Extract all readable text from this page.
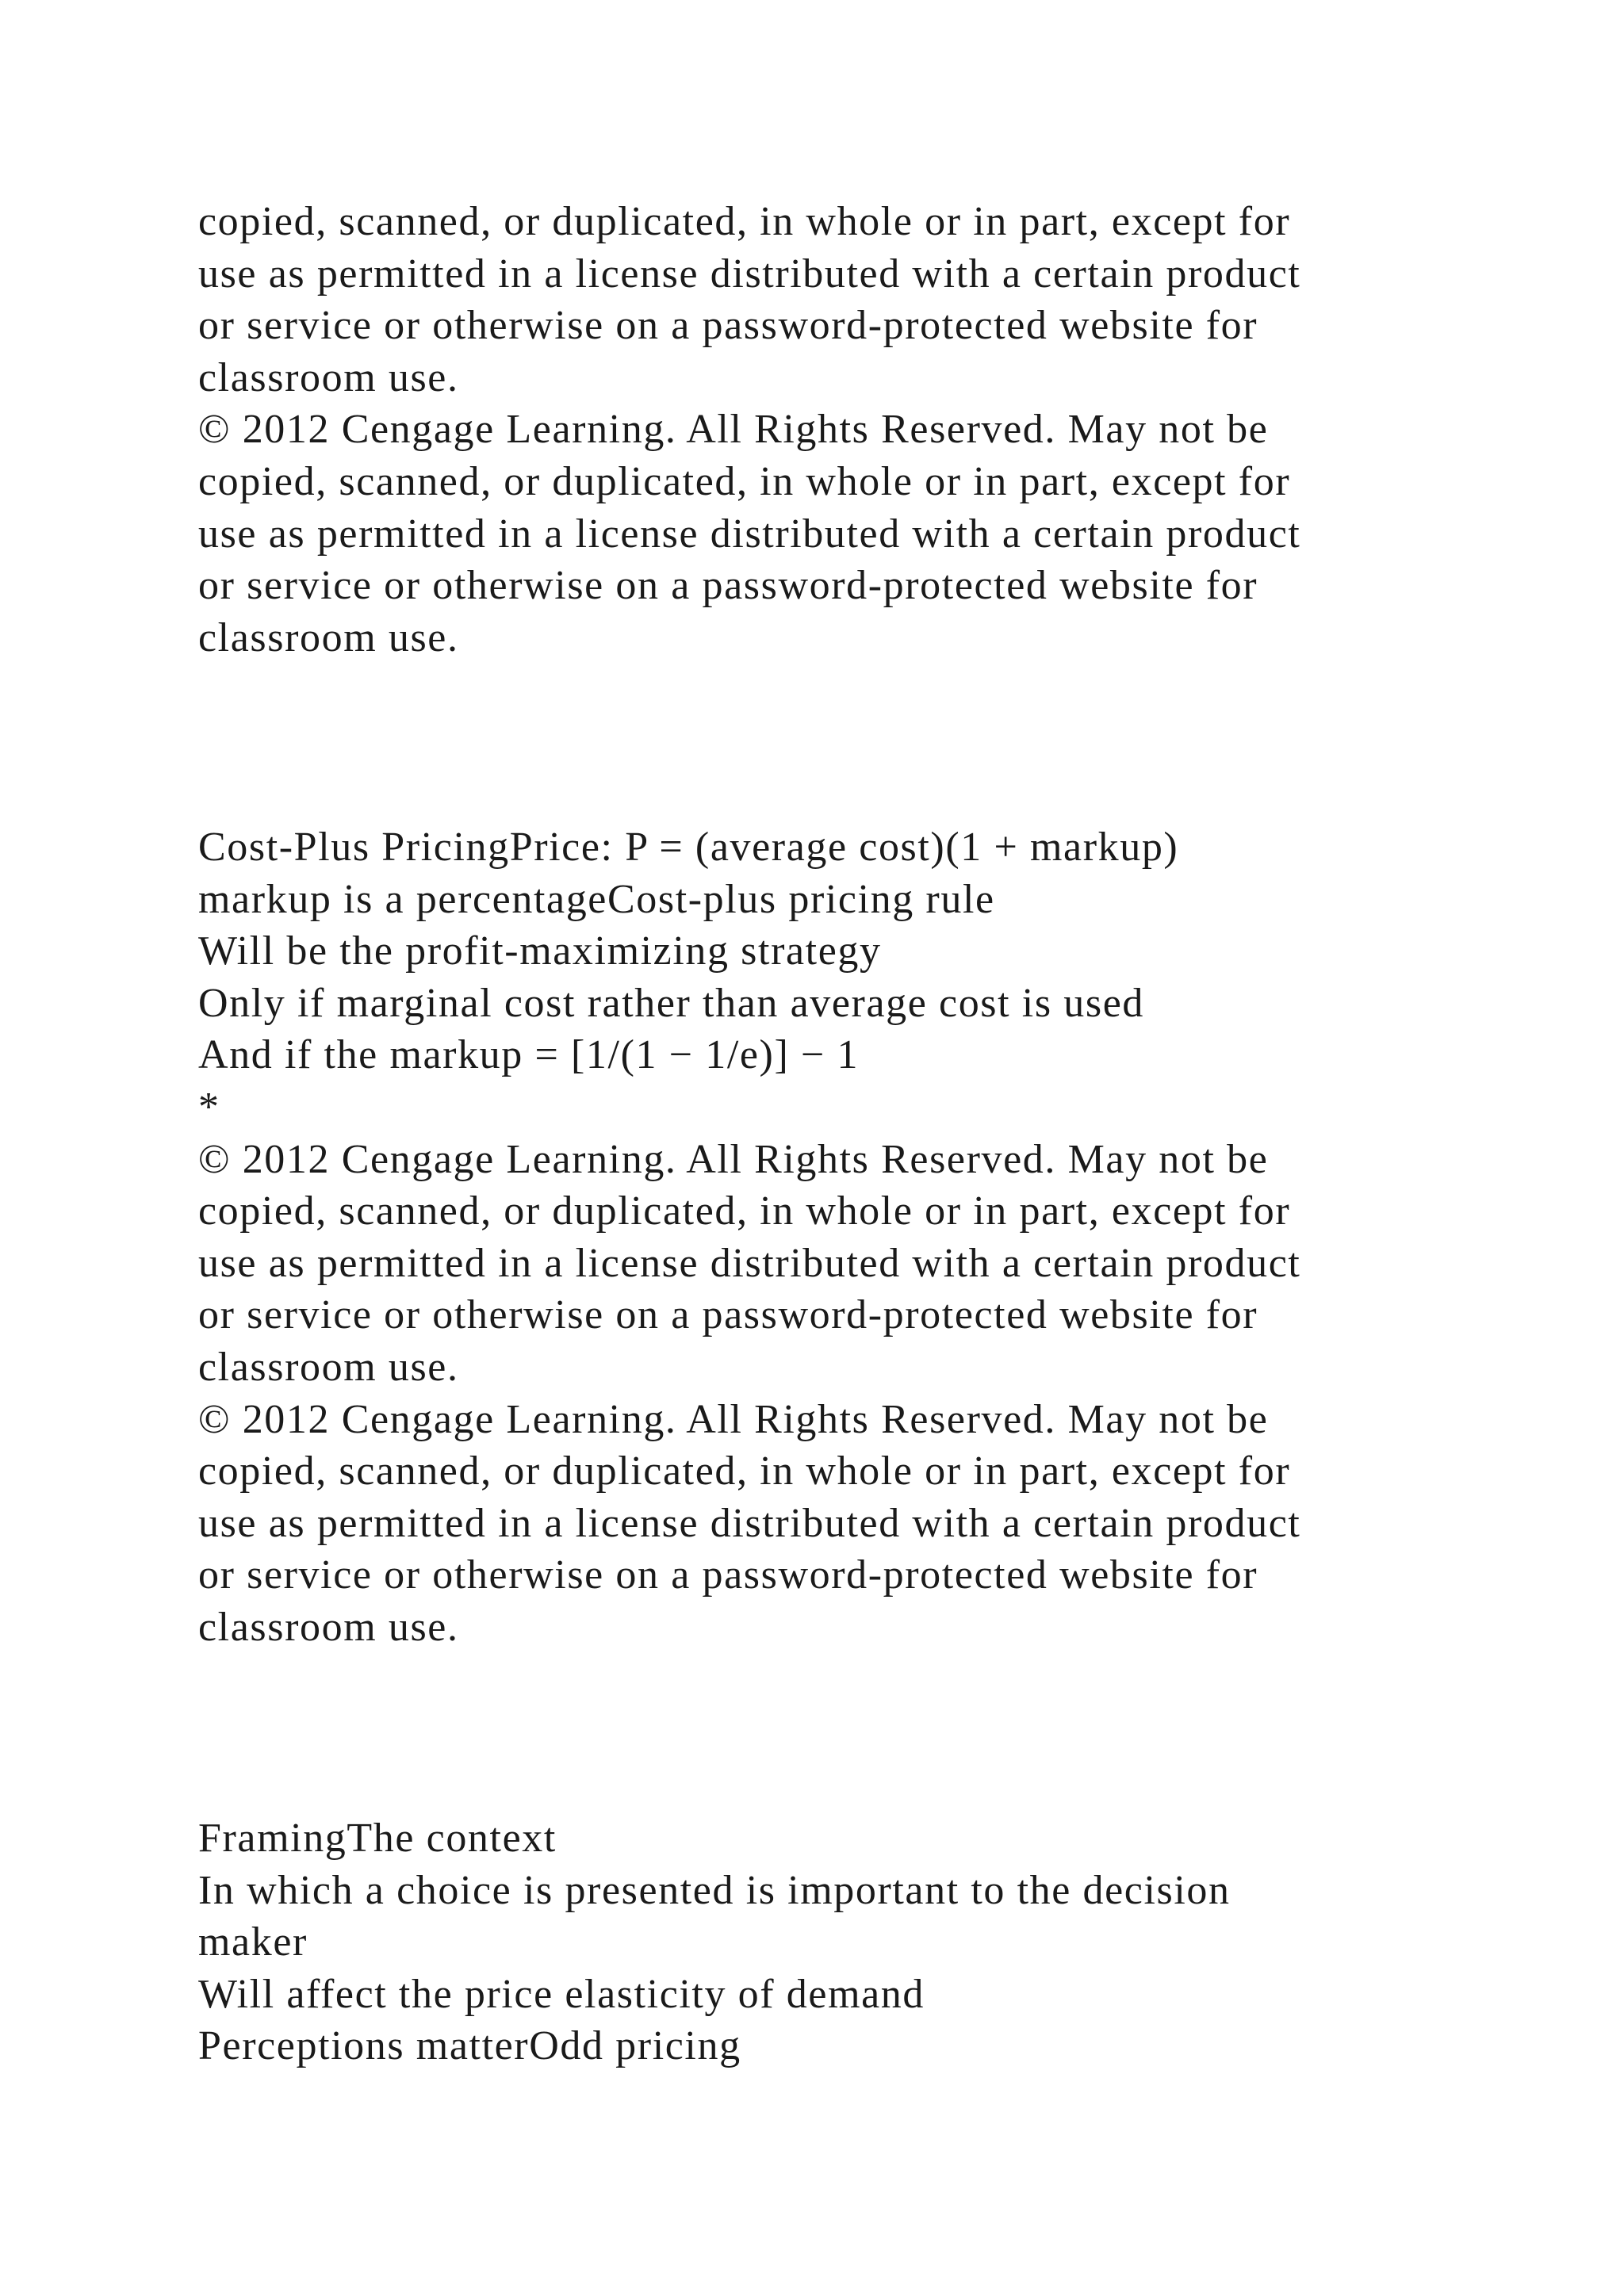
copied, scanned, or duplicated, in whole or in part, except for
use as permitted in a license distributed with a certain product
or service or otherwise on a password-protected website for
classroom use.
© 2012 Cengage Learning. All Rights Reserved. May not be
copied, scanned, or duplicated, in whole or in part, except for
use as permitted in a license distributed with a certain product
or service or otherwise on a password-protected website for
classroom use.
Cost-Plus PricingPrice: P = (average cost)(1 + markup)
markup is a percentageCost-plus pricing rule
Will be the profit-maximizing strategy
Only if marginal cost rather than average cost is used
And if the markup = [1/(1 − 1/e)] − 1
*
© 2012 Cengage Learning. All Rights Reserved. May not be
copied, scanned, or duplicated, in whole or in part, except for
use as permitted in a license distributed with a certain product
or service or otherwise on a password-protected website for
classroom use.
© 2012 Cengage Learning. All Rights Reserved. May not be
copied, scanned, or duplicated, in whole or in part, except for
use as permitted in a license distributed with a certain product
or service or otherwise on a password-protected website for
classroom use.
FramingThe context
In which a choice is presented is important to the decision
maker
Will affect the price elasticity of demand
Perceptions matterOdd pricing
